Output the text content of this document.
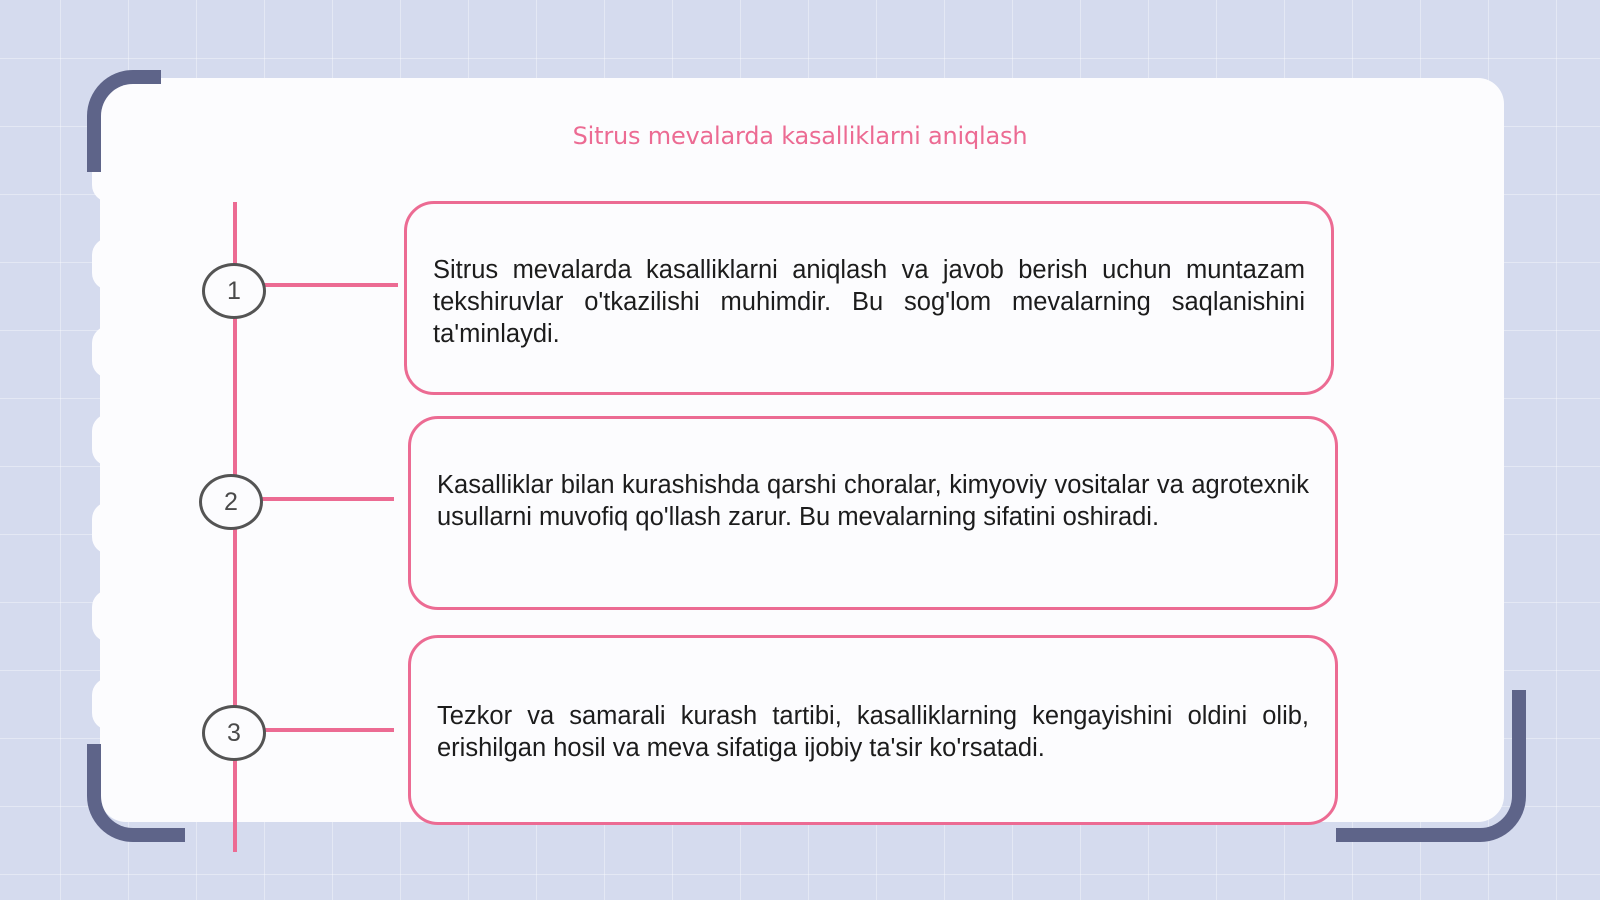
Sitrus mevalarda kasalliklarni aniqlash
1
2
3
Sitrus mevalarda kasalliklarni aniqlash va javob berish uchun muntazam tekshiruvlar o'tkazilishi muhimdir. Bu sog'lom mevalarning saqlanishini ta'minlaydi.
Kasalliklar bilan kurashishda qarshi choralar, kimyoviy vositalar va agrotexnik usullarni muvofiq qo'llash zarur. Bu mevalarning sifatini oshiradi.
Tezkor va samarali kurash tartibi, kasalliklarning kengayishini oldini olib, erishilgan hosil va meva sifatiga ijobiy ta'sir ko'rsatadi.
